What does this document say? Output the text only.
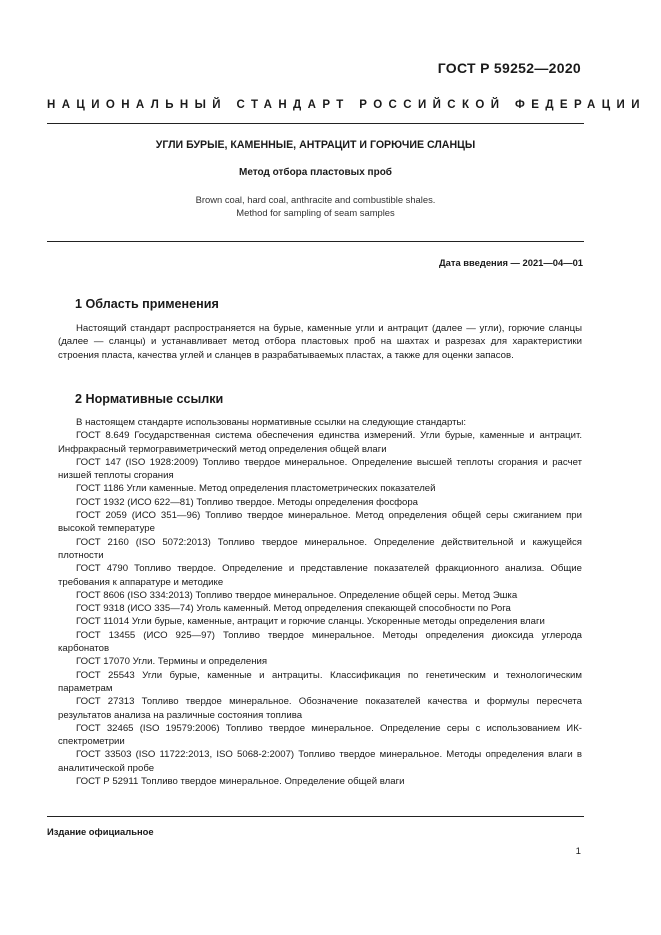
ГОСТ Р 59252—2020
НАЦИОНАЛЬНЫЙ СТАНДАРТ РОССИЙСКОЙ ФЕДЕРАЦИИ
УГЛИ БУРЫЕ, КАМЕННЫЕ, АНТРАЦИТ И ГОРЮЧИЕ СЛАНЦЫ
Метод отбора пластовых проб
Brown coal, hard coal, anthracite and combustible shales.
Method for sampling of seam samples
Дата введения — 2021—04—01
1 Область применения

Настоящий стандарт распространяется на бурые, каменные угли и антрацит (далее — угли), горючие сланцы (далее — сланцы) и устанавливает метод отбора пластовых проб на шахтах и разрезах для характеристики строения пласта, качества углей и сланцев в разрабатываемых пластах, а также для оценки запасов.

2 Нормативные ссылки

В настоящем стандарте использованы нормативные ссылки на следующие стандарты:

ГОСТ 8.649 Государственная система обеспечения единства измерений. Угли бурые, каменные и антрацит. Инфракрасный термогравиметрический метод определения общей влаги

ГОСТ 147 (ISO 1928:2009) Топливо твердое минеральное. Определение высшей теплоты сгорания и расчет низшей теплоты сгорания

ГОСТ 1186 Угли каменные. Метод определения пластометрических показателей

ГОСТ 1932 (ИСО 622—81) Топливо твердое. Методы определения фосфора

ГОСТ 2059 (ИСО 351—96) Топливо твердое минеральное. Метод определения общей серы сжиганием при высокой температуре

ГОСТ 2160 (ISO 5072:2013) Топливо твердое минеральное. Определение действительной и кажущейся плотности

ГОСТ 4790 Топливо твердое. Определение и представление показателей фракционного анализа. Общие требования к аппаратуре и методике

ГОСТ 8606 (ISO 334:2013) Топливо твердое минеральное. Определение общей серы. Метод Эшка

ГОСТ 9318 (ИСО 335—74) Уголь каменный. Метод определения спекающей способности по Рога

ГОСТ 11014 Угли бурые, каменные, антрацит и горючие сланцы. Ускоренные методы определения влаги

ГОСТ 13455 (ИСО 925—97) Топливо твердое минеральное. Методы определения диоксида углерода карбонатов

ГОСТ 17070 Угли. Термины и определения

ГОСТ 25543 Угли бурые, каменные и антрациты. Классификация по генетическим и технологическим параметрам

ГОСТ 27313 Топливо твердое минеральное. Обозначение показателей качества и формулы пересчета результатов анализа на различные состояния топлива

ГОСТ 32465 (ISO 19579:2006) Топливо твердое минеральное. Определение серы с использованием ИК-спектрометрии

ГОСТ 33503 (ISO 11722:2013, ISO 5068-2:2007) Топливо твердое минеральное. Методы определения влаги в аналитической пробе

ГОСТ Р 52911 Топливо твердое минеральное. Определение общей влаги

Издание официальное
1
